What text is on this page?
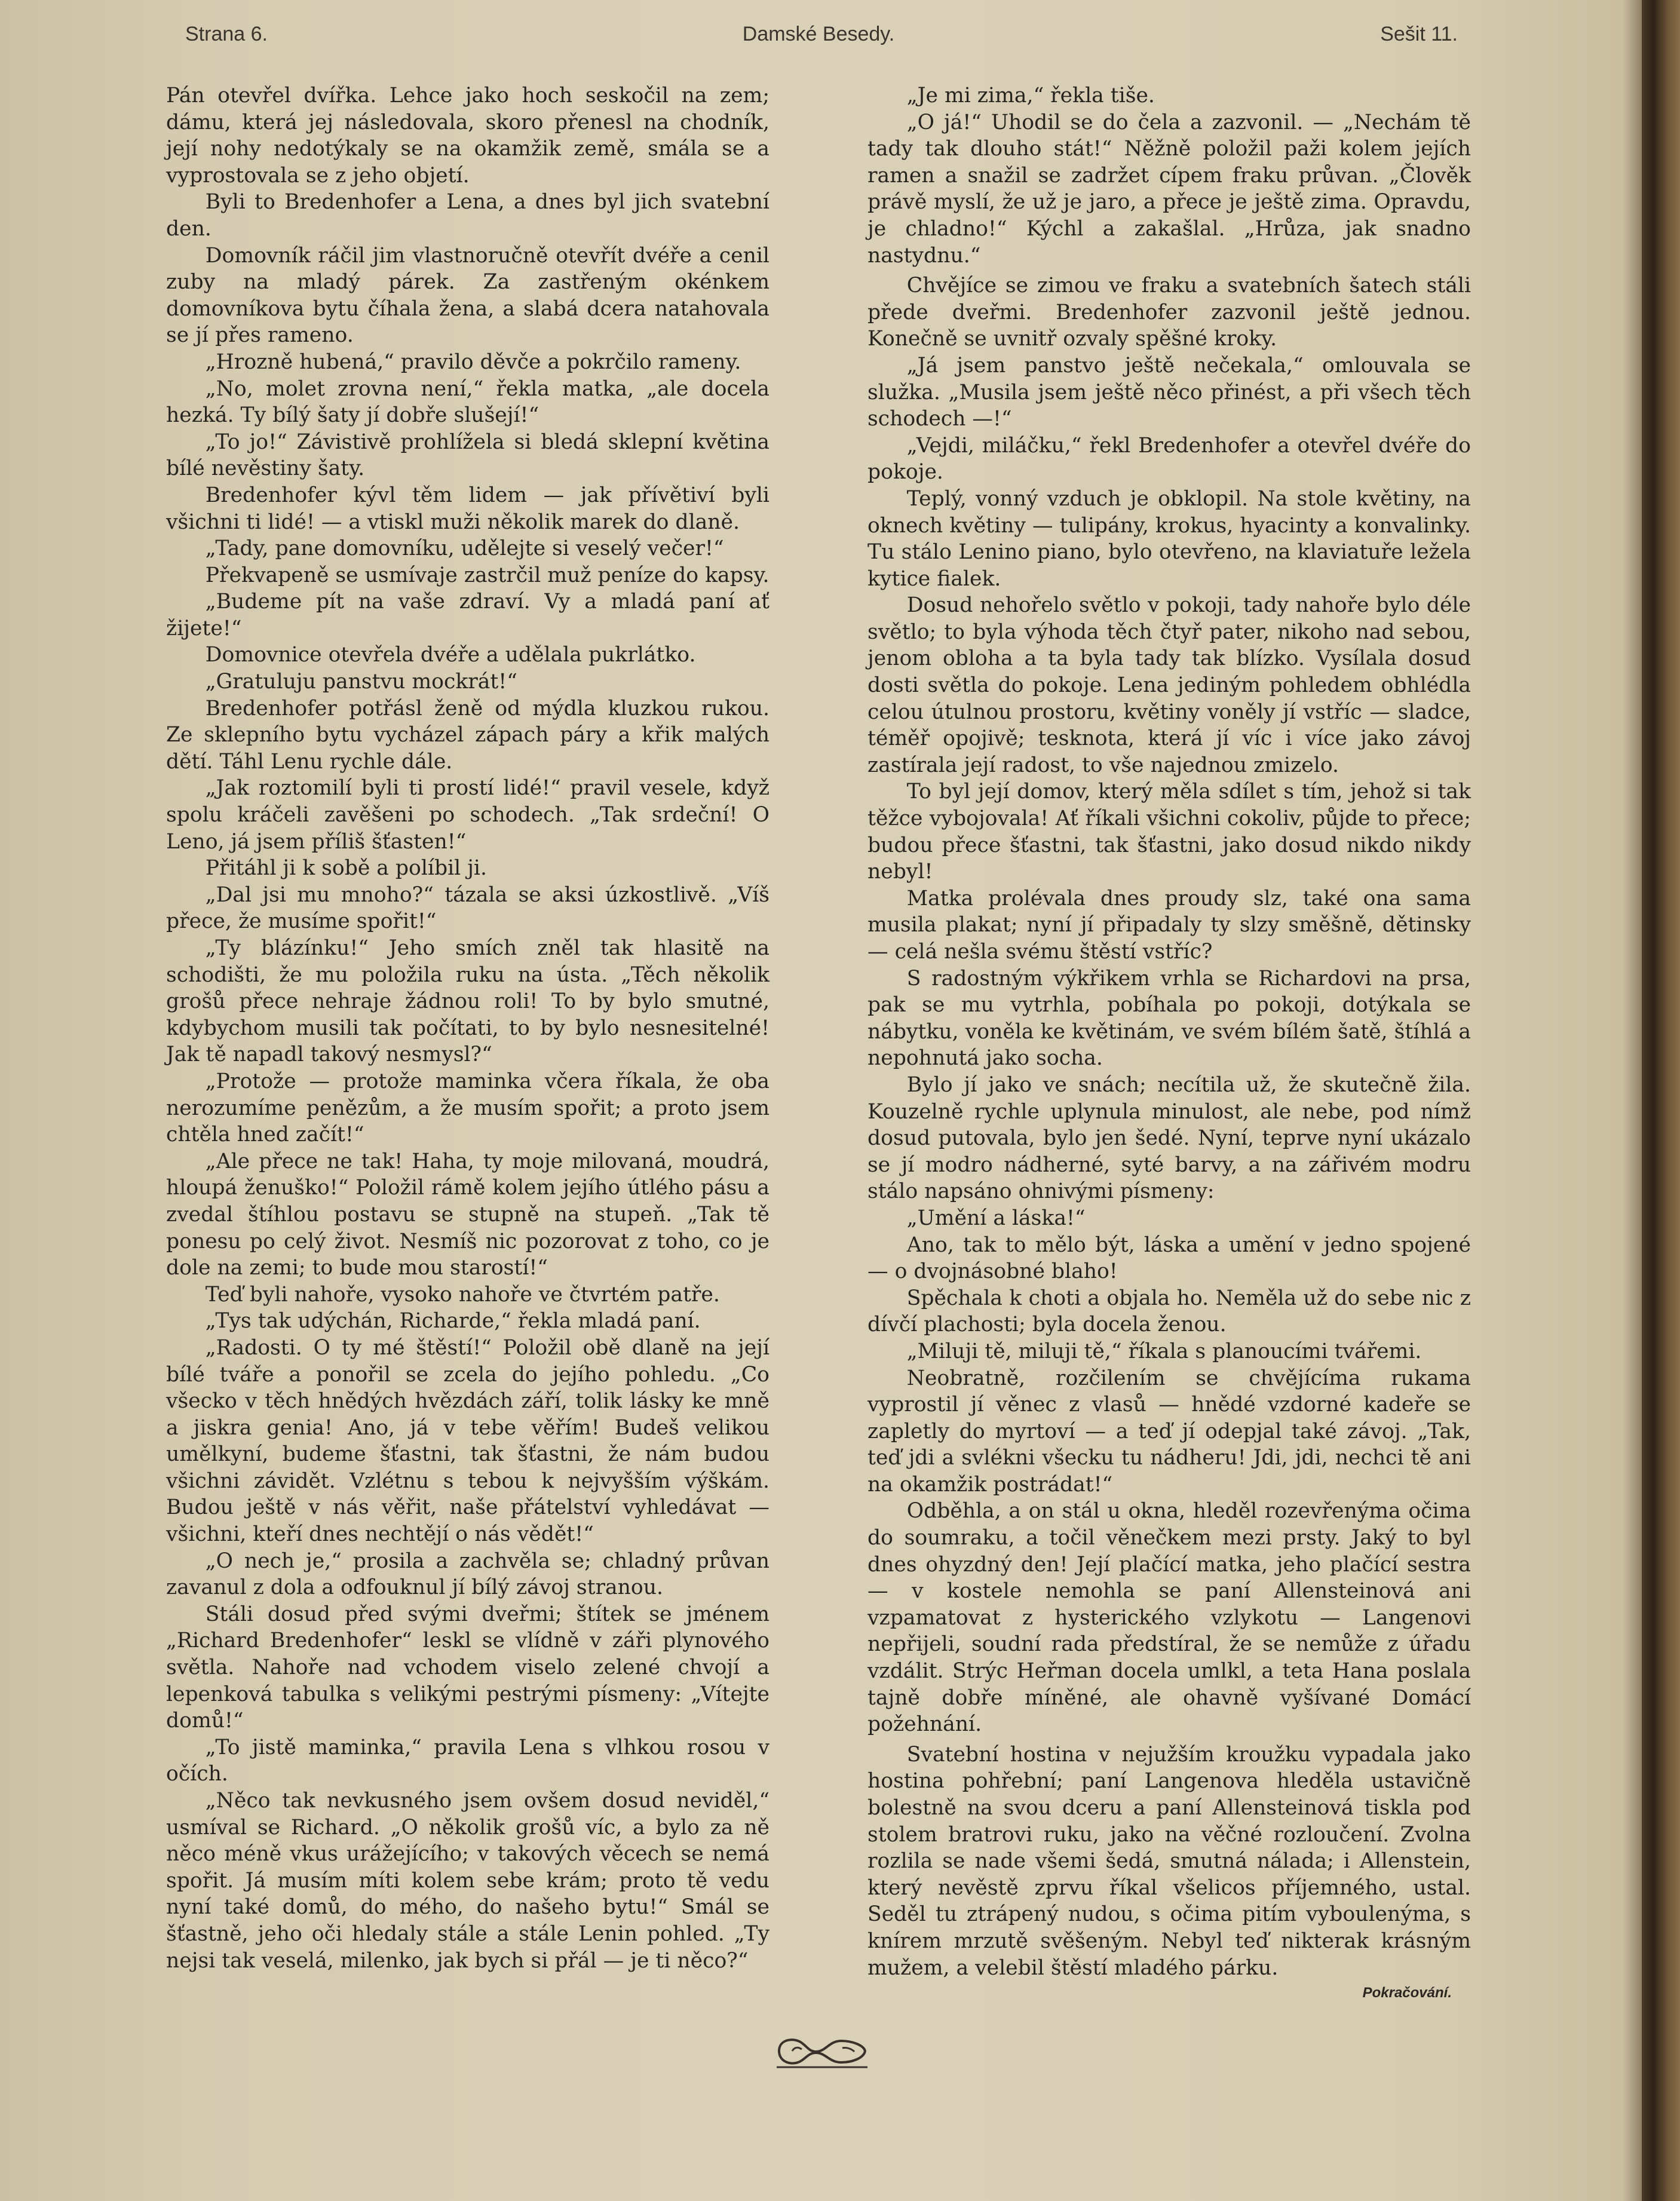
Strana 6.	Damské Besedy.	Sešit 11.

Pán otevřel dvířka. Lehce jako hoch seskočil na zem; dámu, která jej následovala, skoro přenesl na chodník, její nohy nedotýkaly se na okamžik země, smála se a vyprostovala se z jeho objetí.

Byli to Bredenhofer a Lena, a dnes byl jich svatební den.

Domovník ráčil jim vlastnoručně otevřít dvéře a cenil zuby na mladý párek. Za zastřeným okénkem domovníkova bytu číhala žena, a slabá dcera natahovala se jí přes rameno.

„Hrozně hubená,“ pravilo děvče a pokrčilo rameny.

„No, molet zrovna není,“ řekla matka, „ale docela hezká. Ty bílý šaty jí dobře slušejí!“

„To jo!“ Závistivě prohlížela si bledá sklepní květina bílé nevěstiny šaty.

Bredenhofer kývl těm lidem — jak přívětiví byli všichni ti lidé! — a vtiskl muži několik marek do dlaně.

„Tady, pane domovníku, udělejte si veselý večer!“

Překvapeně se usmívaje zastrčil muž peníze do kapsy.

„Budeme pít na vaše zdraví. Vy a mladá paní ať žijete!“

Domovnice otevřela dvéře a udělala pukrlátko.

„Gratuluju panstvu mockrát!“

Bredenhofer potřásl ženě od mýdla kluzkou rukou. Ze sklepního bytu vycházel zápach páry a křik malých dětí. Táhl Lenu rychle dále.

„Jak roztomilí byli ti prostí lidé!“ pravil vesele, když spolu kráčeli zavěšeni po schodech. „Tak srdeční! O Leno, já jsem příliš šťasten!“

Přitáhl ji k sobě a políbil ji.

„Dal jsi mu mnoho?“ tázala se aksi úzkostlivě. „Víš přece, že musíme spořit!“

„Ty blázínku!“ Jeho smích zněl tak hlasitě na schodišti, že mu položila ruku na ústa. „Těch několik grošů přece nehraje žádnou roli! To by bylo smutné, kdybychom musili tak počítati, to by bylo nesnesitelné! Jak tě napadl takový nesmysl?“

„Protože — protože maminka včera říkala, že oba nerozumíme penězům, a že musím spořit; a proto jsem chtěla hned začít!“

„Ale přece ne tak! Haha, ty moje milovaná, moudrá, hloupá ženuško!“ Položil rámě kolem jejího útlého pásu a zvedal štíhlou postavu se stupně na stupeň. „Tak tě ponesu po celý život. Nesmíš nic pozorovat z toho, co je dole na zemi; to bude mou starostí!“

Teď byli nahoře, vysoko nahoře ve čtvrtém patře.

„Tys tak udýchán, Richarde,“ řekla mladá paní.

„Radosti. O ty mé štěstí!“ Položil obě dlaně na její bílé tváře a ponořil se zcela do jejího pohledu. „Co všecko v těch hnědých hvězdách září, tolik lásky ke mně a jiskra genia! Ano, já v tebe věřím! Budeš velikou umělkyní, budeme šťastni, tak šťastni, že nám budou všichni závidět. Vzlétnu s tebou k nejvyšším výškám. Budou ještě v nás věřit, naše přátelství vyhledávat — všichni, kteří dnes nechtějí o nás vědět!“

„O nech je,“ prosila a zachvěla se; chladný průvan zavanul z dola a odfouknul jí bílý závoj stranou.

Stáli dosud před svými dveřmi; štítek se jménem „Richard Bredenhofer“ leskl se vlídně v záři plynového světla. Nahoře nad vchodem viselo zelené chvojí a lepenková tabulka s velikými pestrými písmeny: „Vítejte domů!“

„To jistě maminka,“ pravila Lena s vlhkou rosou v očích.

„Něco tak nevkusného jsem ovšem dosud neviděl,“ usmíval se Richard. „O několik grošů víc, a bylo za ně něco méně vkus urážejícího; v takových věcech se nemá spořit. Já musím míti kolem sebe krám; proto tě vedu nyní také domů, do mého, do našeho bytu!“ Smál se šťastně, jeho oči hledaly stále a stále Lenin pohled. „Ty nejsi tak veselá, milenko, jak bych si přál — je ti něco?“

„Je mi zima,“ řekla tiše.

„O já!“ Uhodil se do čela a zazvonil. — „Nechám tě tady tak dlouho stát!“ Něžně položil paži kolem jejích ramen a snažil se zadržet cípem fraku průvan. „Člověk právě myslí, že už je jaro, a přece je ještě zima. Opravdu, je chladno!“ Kýchl a zakašlal. „Hrůza, jak snadno nastydnu.“

Chvějíce se zimou ve fraku a svatebních šatech stáli přede dveřmi. Bredenhofer zazvonil ještě jednou. Konečně se uvnitř ozvaly spěšné kroky.

„Já jsem panstvo ještě nečekala,“ omlouvala se služka. „Musila jsem ještě něco přinést, a při všech těch schodech —!“

„Vejdi, miláčku,“ řekl Bredenhofer a otevřel dvéře do pokoje.

Teplý, vonný vzduch je obklopil. Na stole květiny, na oknech květiny — tulipány, krokus, hyacinty a konvalinky. Tu stálo Lenino piano, bylo otevřeno, na klaviatuře ležela kytice fialek.

Dosud nehořelo světlo v pokoji, tady nahoře bylo déle světlo; to byla výhoda těch čtyř pater, nikoho nad sebou, jenom obloha a ta byla tady tak blízko. Vysílala dosud dosti světla do pokoje. Lena jediným pohledem obhlédla celou útulnou prostoru, květiny voněly jí vstříc — sladce, téměř opojivě; tesknota, která jí víc i více jako závoj zastírala její radost, to vše najednou zmizelo.

To byl její domov, který měla sdílet s tím, jehož si tak těžce vybojovala! Ať říkali všichni cokoliv, půjde to přece; budou přece šťastni, tak šťastni, jako dosud nikdo nikdy nebyl!

Matka prolévala dnes proudy slz, také ona sama musila plakat; nyní jí připadaly ty slzy směšně, dětinsky — celá nešla svému štěstí vstříc?

S radostným výkřikem vrhla se Richardovi na prsa, pak se mu vytrhla, pobíhala po pokoji, dotýkala se nábytku, voněla ke květinám, ve svém bílém šatě, štíhlá a nepohnutá jako socha.

Bylo jí jako ve snách; necítila už, že skutečně žila. Kouzelně rychle uplynula minulost, ale nebe, pod nímž dosud putovala, bylo jen šedé. Nyní, teprve nyní ukázalo se jí modro nádherné, syté barvy, a na zářivém modru stálo napsáno ohnivými písmeny:

„Umění a láska!“

Ano, tak to mělo být, láska a umění v jedno spojené — o dvojnásobné blaho!

Spěchala k choti a objala ho. Neměla už do sebe nic z dívčí plachosti; byla docela ženou.

„Miluji tě, miluji tě,“ říkala s planoucími tvářemi.

Neobratně, rozčilením se chvějícíma rukama vyprostil jí věnec z vlasů — hnědé vzdorné kadeře se zapletly do myrtoví — a teď jí odepjal také závoj. „Tak, teď jdi a svlékni všecku tu nádheru! Jdi, jdi, nechci tě ani na okamžik postrádat!“

Odběhla, a on stál u okna, hleděl rozevřenýma očima do soumraku, a točil věnečkem mezi prsty. Jaký to byl dnes ohyzdný den! Její plačící matka, jeho plačící sestra — v kostele nemohla se paní Allensteinová ani vzpamatovat z hysterického vzlykotu — Langenovi nepřijeli, soudní rada předstíral, že se nemůže z úřadu vzdálit. Strýc Heřman docela umlkl, a teta Hana poslala tajně dobře míněné, ale ohavně vyšívané Domácí požehnání.

Svatební hostina v nejužším kroužku vypadala jako hostina pohřební; paní Langenova hleděla ustavičně bolestně na svou dceru a paní Allensteinová tiskla pod stolem bratrovi ruku, jako na věčné rozloučení. Zvolna rozlila se nade všemi šedá, smutná nálada; i Allenstein, který nevěstě zprvu říkal všelicos příjemného, ustal. Seděl tu ztrápený nudou, s očima pitím vyboulenýma, s knírem mrzutě svěšeným. Nebyl teď nikterak krásným mužem, a velebil štěstí mladého párku.

Pokračování.
